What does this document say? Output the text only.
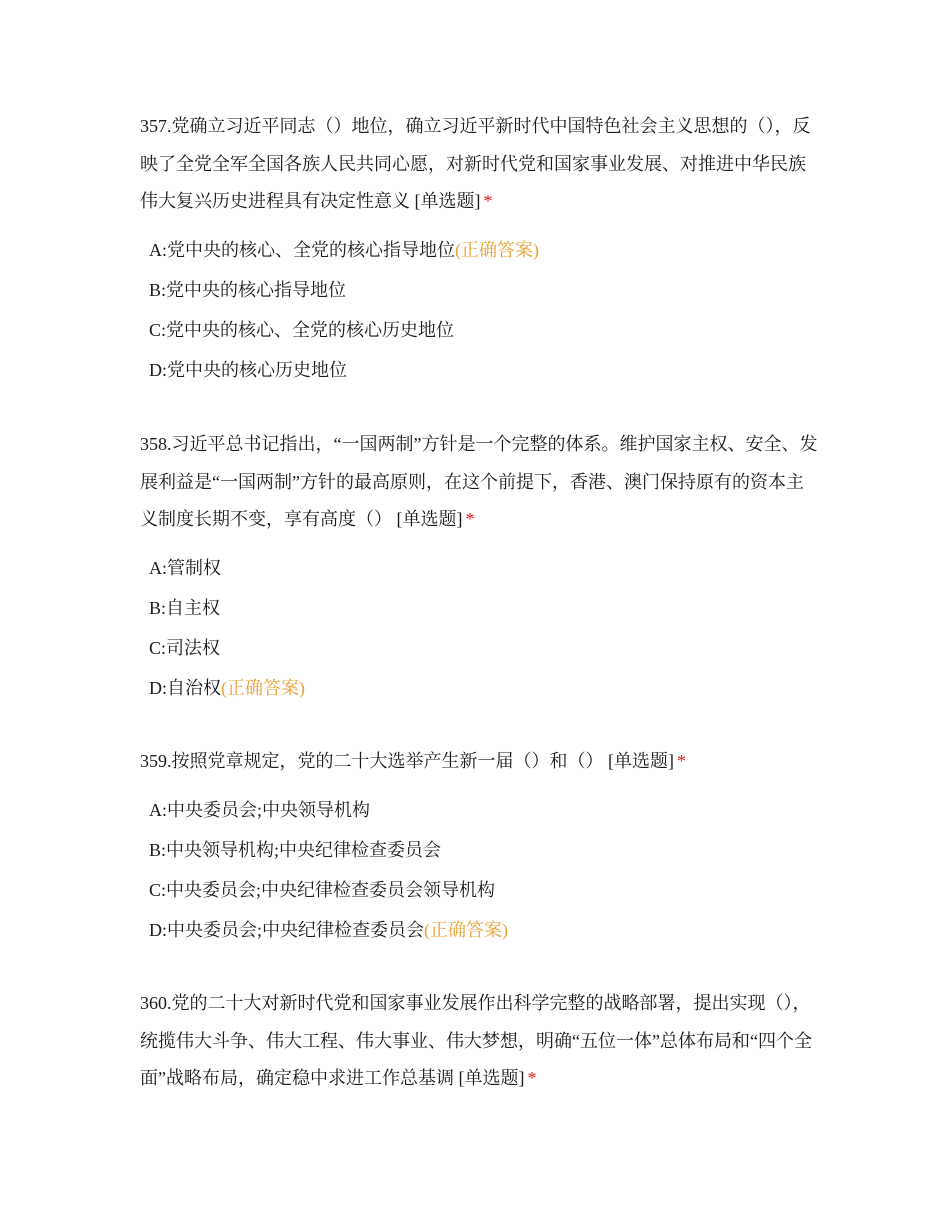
357.党确立习近平同志（）地位，确立习近平新时代中国特色社会主义思想的（），反映了全党全军全国各族人民共同心愿，对新时代党和国家事业发展、对推进中华民族伟大复兴历史进程具有决定性意义 [单选题] *

A:党中央的核心、全党的核心指导地位(正确答案)
B:党中央的核心指导地位
C:党中央的核心、全党的核心历史地位
D:党中央的核心历史地位

358.习近平总书记指出，“一国两制”方针是一个完整的体系。维护国家主权、安全、发展利益是“一国两制”方针的最高原则，在这个前提下，香港、澳门保持原有的资本主义制度长期不变，享有高度（） [单选题] *

A:管制权
B:自主权
C:司法权
D:自治权(正确答案)

359.按照党章规定，党的二十大选举产生新一届（）和（） [单选题] *

A:中央委员会;中央领导机构
B:中央领导机构;中央纪律检查委员会
C:中央委员会;中央纪律检查委员会领导机构
D:中央委员会;中央纪律检查委员会(正确答案)

360.党的二十大对新时代党和国家事业发展作出科学完整的战略部署，提出实现（），统揽伟大斗争、伟大工程、伟大事业、伟大梦想，明确“五位一体”总体布局和“四个全面”战略布局，确定稳中求进工作总基调 [单选题] *
